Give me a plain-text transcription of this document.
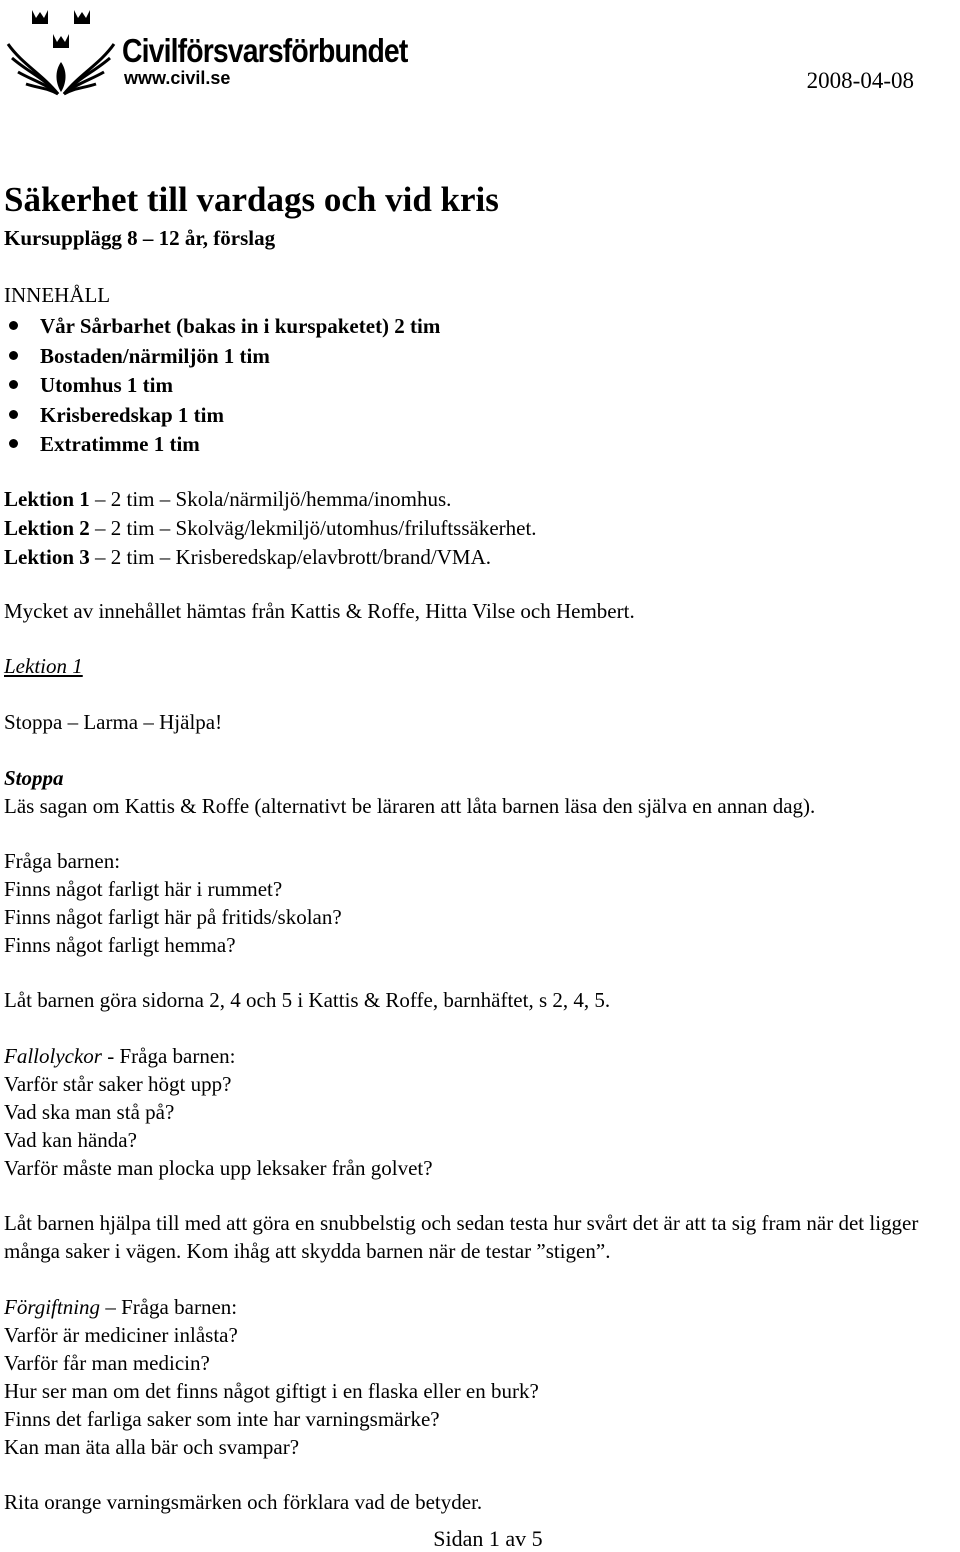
Civilförsvarsförbundet
www.civil.se	2008-04-08
Säkerhet till vardags och vid kris
Kursupplägg 8 – 12 år, förslag
INNEHÅLL
Vår Sårbarhet (bakas in i kurspaketet) 2 tim
Bostaden/närmiljön 1 tim
Utomhus 1 tim
Krisberedskap 1 tim
Extratimme 1 tim
Lektion 1 – 2 tim – Skola/närmiljö/hemma/inomhus.
Lektion 2 – 2 tim – Skolväg/lekmiljö/utomhus/friluftssäkerhet.
Lektion 3 – 2 tim – Krisberedskap/elavbrott/brand/VMA.
Mycket av innehållet hämtas från Kattis & Roffe, Hitta Vilse och Hembert.
Lektion 1
Stoppa – Larma – Hjälpa!
Stoppa
Läs sagan om Kattis & Roffe (alternativt be läraren att låta barnen läsa den själva en annan dag).
Fråga barnen:
Finns något farligt här i rummet?
Finns något farligt här på fritids/skolan?
Finns något farligt hemma?
Låt barnen göra sidorna 2, 4 och 5 i Kattis & Roffe, barnhäftet, s 2, 4, 5.
Fallolyckor - Fråga barnen:
Varför står saker högt upp?
Vad ska man stå på?
Vad kan hända?
Varför måste man plocka upp leksaker från golvet?
Låt barnen hjälpa till med att göra en snubbelstig och sedan testa hur svårt det är att ta sig fram när det ligger många saker i vägen. Kom ihåg att skydda barnen när de testar ”stigen”.
Förgiftning – Fråga barnen:
Varför är mediciner inlåsta?
Varför får man medicin?
Hur ser man om det finns något giftigt i en flaska eller en burk?
Finns det farliga saker som inte har varningsmärke?
Kan man äta alla bär och svampar?
Rita orange varningsmärken och förklara vad de betyder.
Sidan 1 av 5
